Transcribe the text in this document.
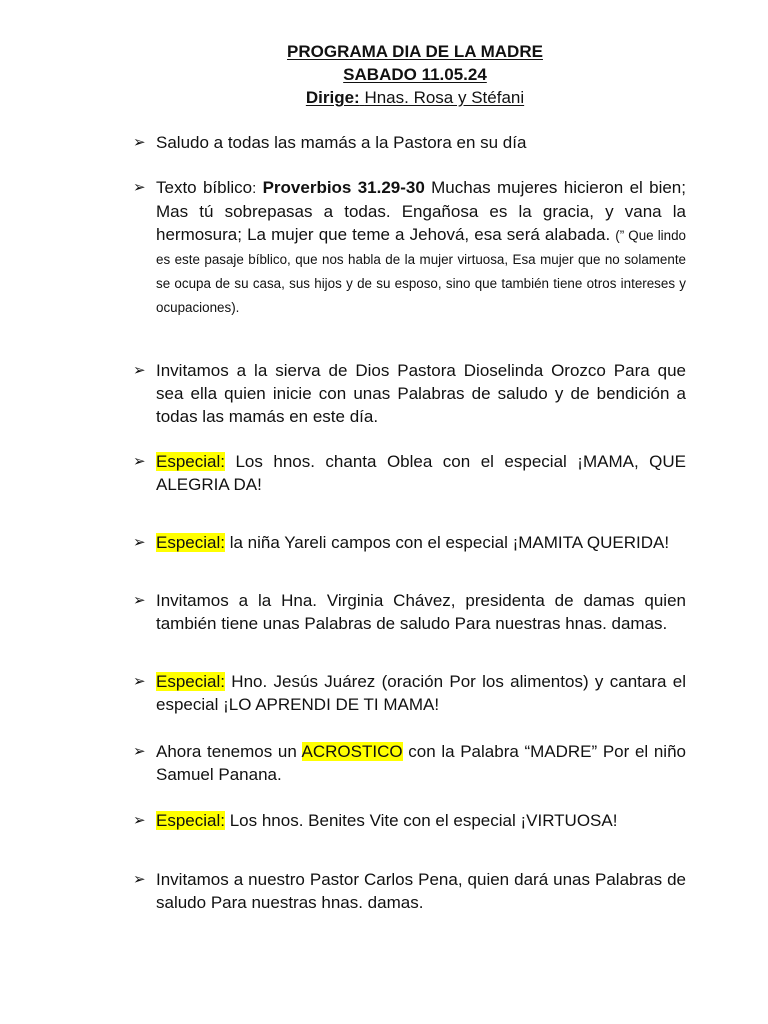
PROGRAMA DIA DE LA MADRE
SABADO 11.05.24
Dirige: Hnas. Rosa y Stéfani
➢ Saludo a todas las mamás a la Pastora en su día
➢ Texto bíblico: Proverbios 31.29-30 Muchas mujeres hicieron el bien; Mas tú sobrepasas a todas. Engañosa es la gracia, y vana la hermosura; La mujer que teme a Jehová, esa será alabada. (” Que lindo es este pasaje bíblico, que nos habla de la mujer virtuosa, Esa mujer que no solamente se ocupa de su casa, sus hijos y de su esposo, sino que también tiene otros intereses y ocupaciones).
➢ Invitamos a la sierva de Dios Pastora Dioselinda Orozco Para que sea ella quien inicie con unas Palabras de saludo y de bendición a todas las mamás en este día.
➢ Especial: Los hnos. chanta Oblea con el especial ¡MAMA, QUE ALEGRIA DA!
➢ Especial: la niña Yareli campos con el especial ¡MAMITA QUERIDA!
➢ Invitamos a la Hna. Virginia Chávez, presidenta de damas quien también tiene unas Palabras de saludo Para nuestras hnas. damas.
➢ Especial: Hno. Jesús Juárez (oración Por los alimentos) y cantara el especial ¡LO APRENDI DE TI MAMA!
➢ Ahora tenemos un ACROSTICO con la Palabra “MADRE” Por el niño Samuel Panana.
➢ Especial: Los hnos. Benites Vite con el especial ¡VIRTUOSA!
➢ Invitamos a nuestro Pastor Carlos Pena, quien dará unas Palabras de saludo Para nuestras hnas. damas.
